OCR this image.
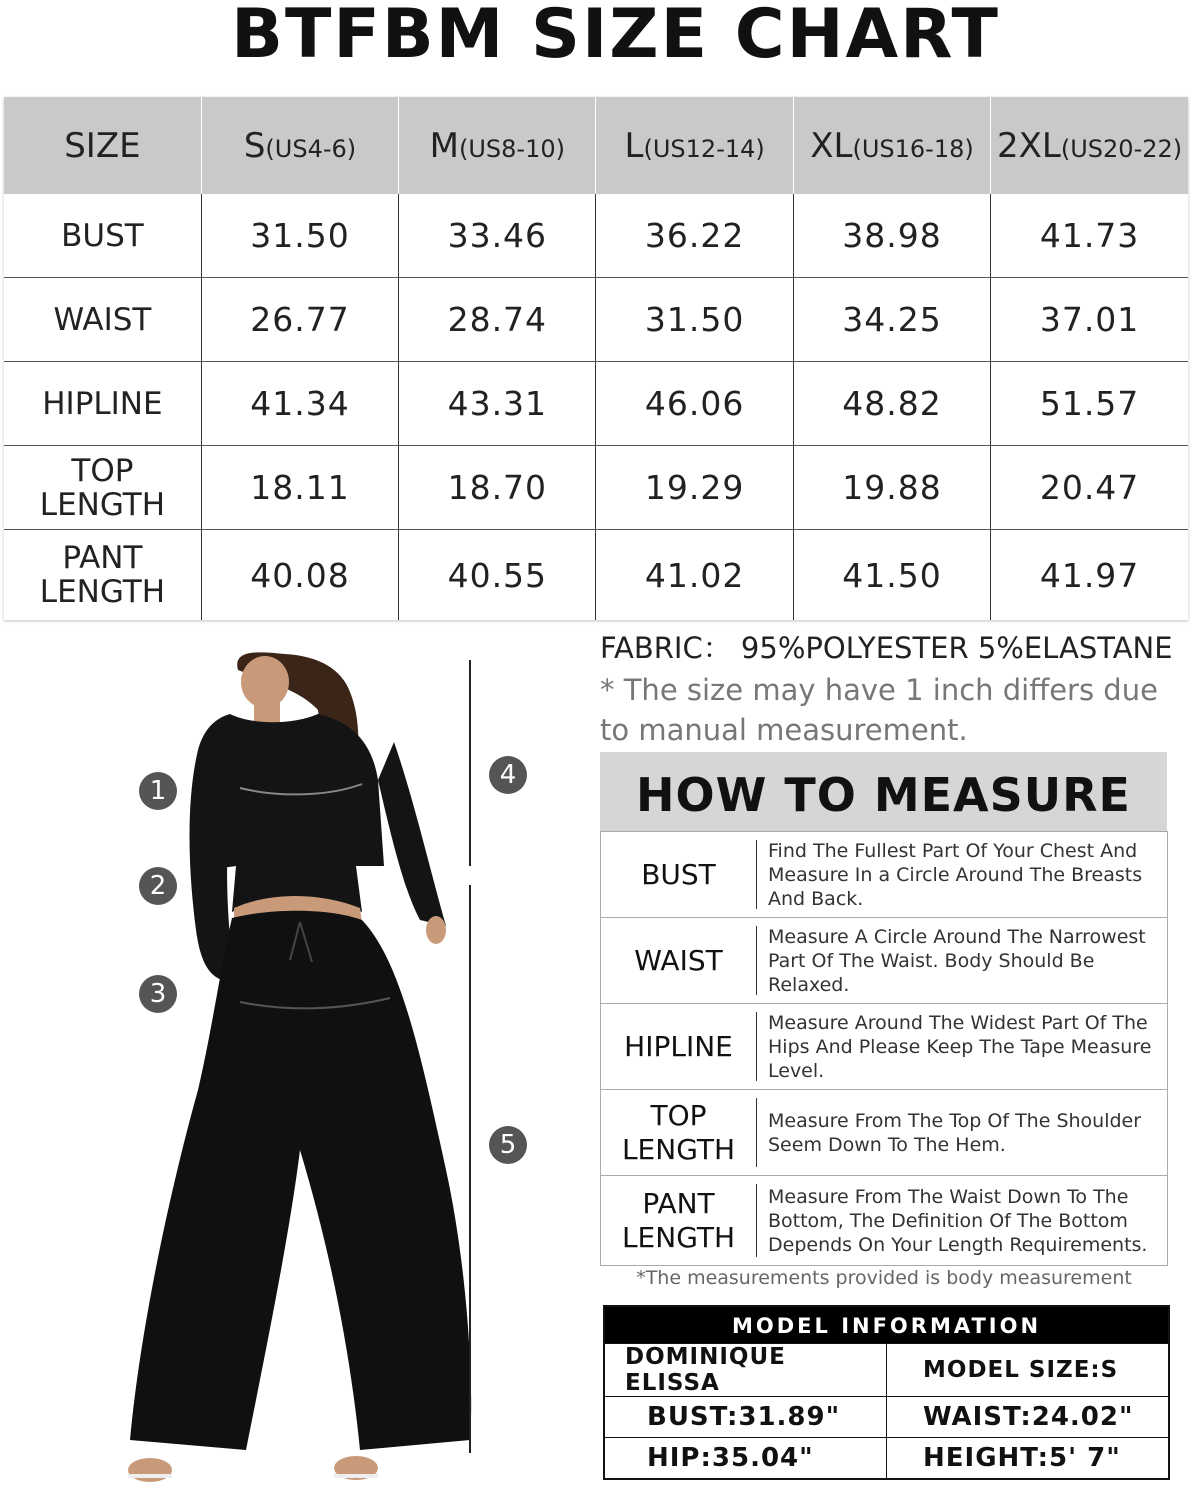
BTFBM SIZE CHART
SIZE	S(US4-6)	M(US8-10)	L(US12-14)	XL(US16-18)	2XL(US20-22)
BUST	31.50	33.46	36.22	38.98	41.73
WAIST	26.77	28.74	31.50	34.25	37.01
HIPLINE	41.34	43.31	46.06	48.82	51.57
TOP
LENGTH	18.11	18.70	19.29	19.88	20.47
PANT
LENGTH	40.08	40.55	41.02	41.50	41.97
1
2
3
4
5
FABRIC： 95%POLYESTER 5%ELASTANE
* The size may have 1 inch differs due to manual measurement.
HOW TO MEASURE
BUST	Find The Fullest Part Of Your Chest And Measure In a Circle Around The Breasts And Back.
WAIST	Measure A Circle Around The Narrowest Part Of The Waist. Body Should Be Relaxed.
HIPLINE	Measure Around The Widest Part Of The Hips And Please Keep The Tape Measure Level.
TOP
LENGTH	Measure From The Top Of The Shoulder Seem Down To The Hem.
PANT
LENGTH	Measure From The Waist Down To The Bottom, The Definition Of The Bottom Depends On Your Length Requirements.
*The measurements provided is body measurement
MODEL INFORMATION
DOMINIQUE ELISSA	MODEL SIZE:S
BUST:31.89"	WAIST:24.02"
HIP:35.04"	HEIGHT:5' 7"
